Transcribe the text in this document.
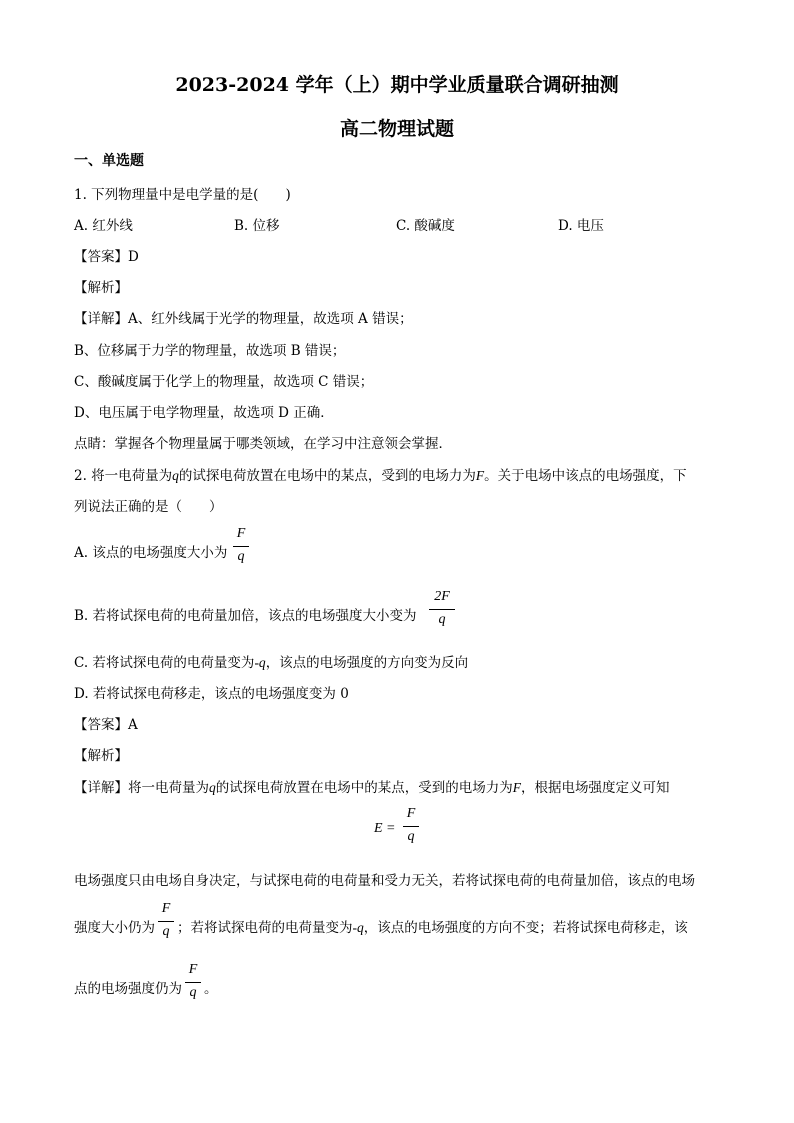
2023-2024 学年（上）期中学业质量联合调研抽测
高二物理试题
一、单选题
1. 下列物理量中是电学量的是(　　)
A. 红外线	B. 位移	C. 酸碱度	D. 电压
【答案】D
【解析】
【详解】A、红外线属于光学的物理量，故选项 A 错误；
B、位移属于力学的物理量，故选项 B 错误；
C、酸碱度属于化学上的物理量，故选项 C 错误；
D、电压属于电学物理量，故选项 D 正确．
点睛：掌握各个物理量属于哪类领域，在学习中注意领会掌握．
2. 将一电荷量为q的试探电荷放置在电场中的某点，受到的电场力为F。关于电场中该点的电场强度，下
列说法正确的是（　　）
A. 该点的电场强度大小为
F
q
B. 若将试探电荷的电荷量加倍，该点的电场强度大小变为
2F
q
C. 若将试探电荷的电荷量变为-q，该点的电场强度的方向变为反向
D. 若将试探电荷移走，该点的电场强度变为 0
【答案】A
【解析】
【详解】将一电荷量为q的试探电荷放置在电场中的某点，受到的电场力为F，根据电场强度定义可知
E =
F
q
电场强度只由电场自身决定，与试探电荷的电荷量和受力无关，若将试探电荷的电荷量加倍，该点的电场
强度大小仍为 ；若将试探电荷的电荷量变为-q，该点的电场强度的方向不变；若将试探电荷移走，该
F
q
点的电场强度仍为 。
F
q
